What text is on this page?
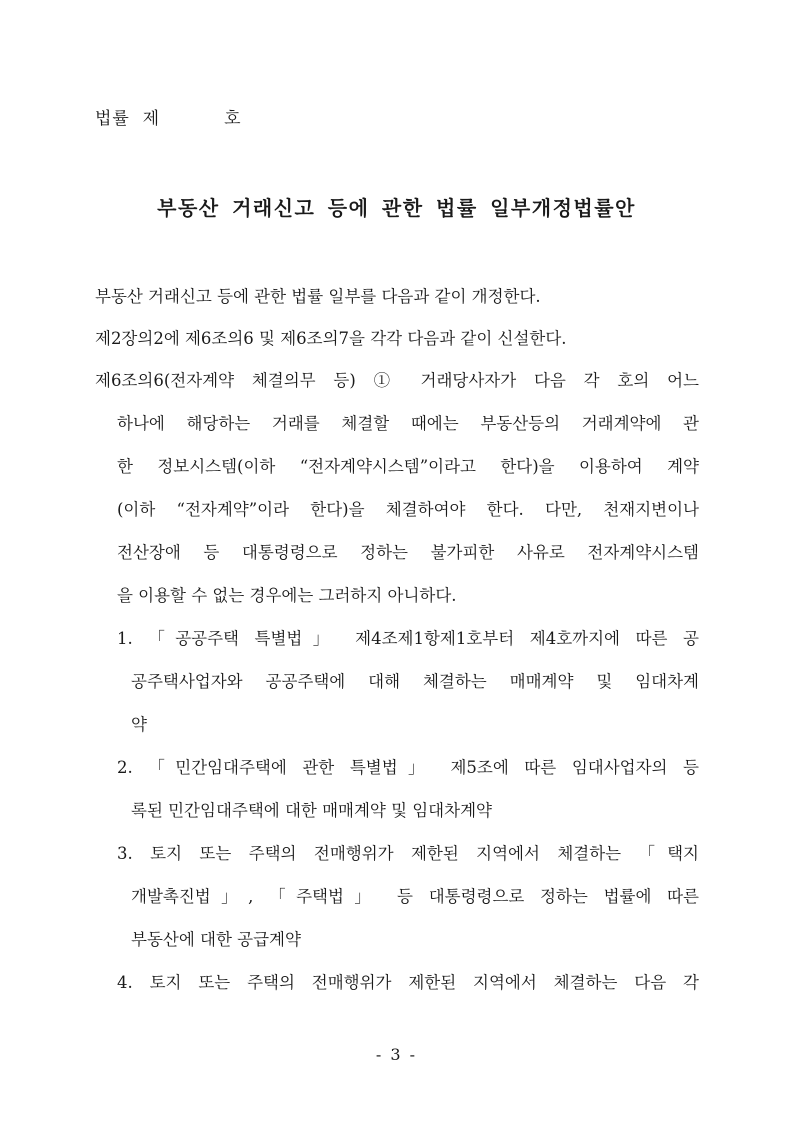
법률  제          호
부동산 거래신고 등에 관한 법률 일부개정법률안
부동산 거래신고 등에 관한 법률 일부를 다음과 같이 개정한다.
제2장의2에 제6조의6 및 제6조의7을 각각 다음과 같이 신설한다.
제6조의6(전자계약 체결의무 등) ① 거래당사자가 다음 각 호의 어느
하나에 해당하는 거래를 체결할 때에는 부동산등의 거래계약에 관
한 정보시스템(이하 “전자계약시스템”이라고 한다)을 이용하여 계약
(이하 “전자계약”이라 한다)을 체결하여야 한다. 다만, 천재지변이나
전산장애 등 대통령령으로 정하는 불가피한 사유로 전자계약시스템
을 이용할 수 없는 경우에는 그러하지 아니하다.
1. 「공공주택 특별법」 제4조제1항제1호부터 제4호까지에 따른 공
공주택사업자와 공공주택에 대해 체결하는 매매계약 및 임대차계
약
2. 「민간임대주택에 관한 특별법」 제5조에 따른 임대사업자의 등
록된 민간임대주택에 대한 매매계약 및 임대차계약
3. 토지 또는 주택의 전매행위가 제한된 지역에서 체결하는 「택지
개발촉진법」, 「주택법」 등 대통령령으로 정하는 법률에 따른
부동산에 대한 공급계약
4. 토지 또는 주택의 전매행위가 제한된 지역에서 체결하는 다음 각
- 3 -
